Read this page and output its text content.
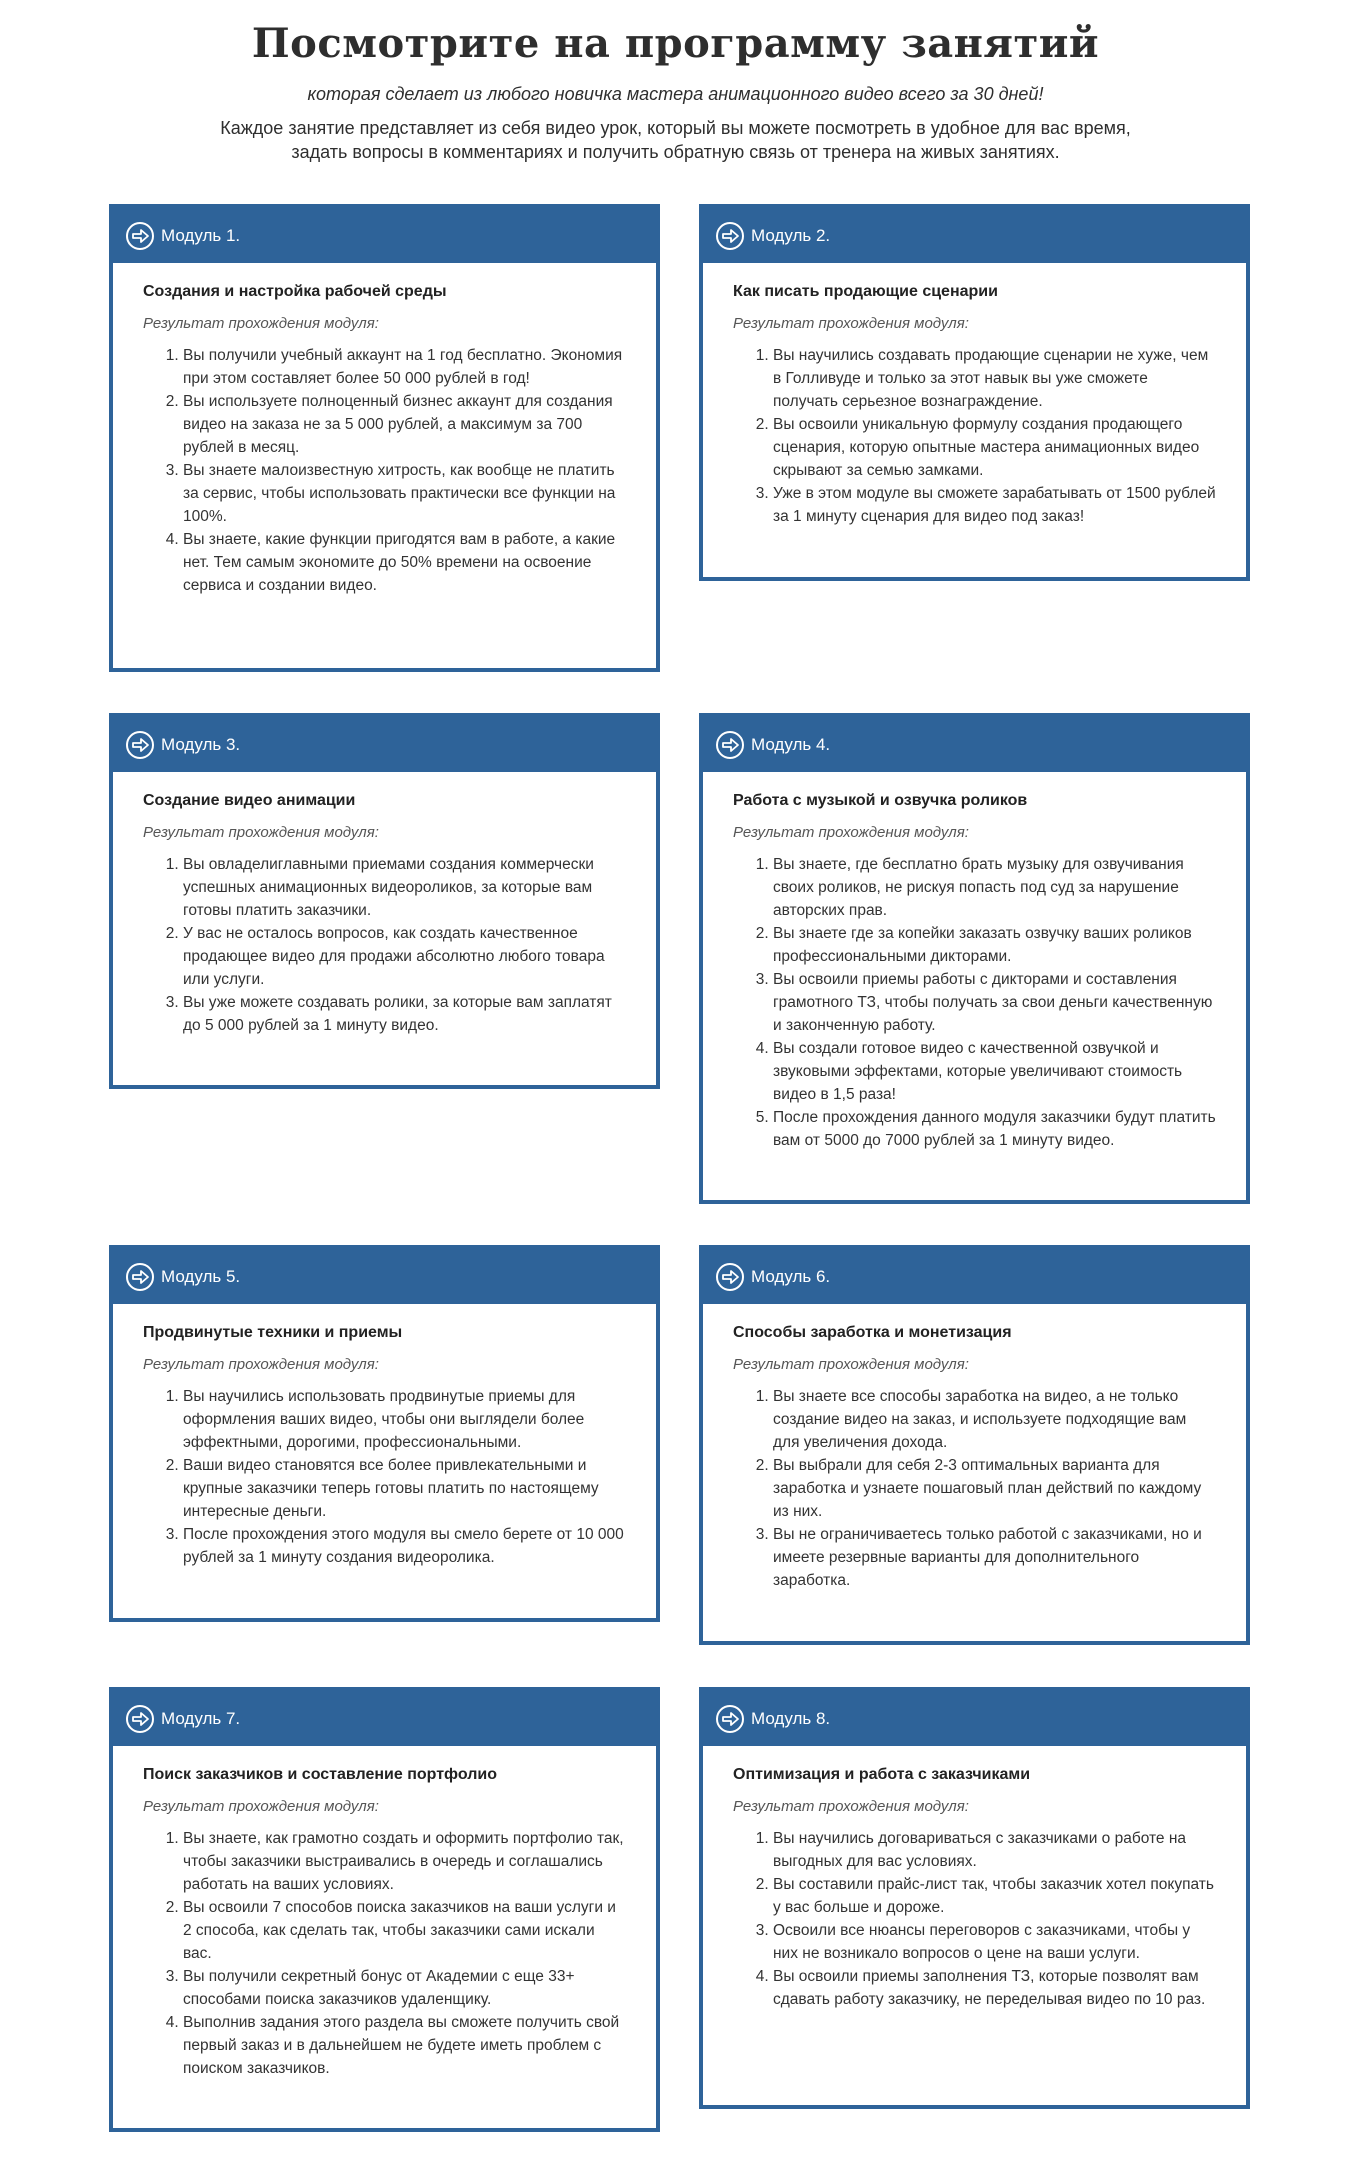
Посмотрите на программу занятий

которая сделает из любого новичка мастера анимационного видео всего за 30 дней!

Каждое занятие представляет из себя видео урок, который вы можете посмотреть в удобное для вас время,
задать вопросы в комментариях и получить обратную связь от тренера на живых занятиях.

Модуль 1.
Создания и настройка рабочей среды

Результат прохождения модуля:

1. Вы получили учебный аккаунт на 1 год бесплатно. Экономия при этом составляет более 50 000 рублей в год!
2. Вы используете полноценный бизнес аккаунт для создания видео на заказа не за 5 000 рублей, а максимум за 700 рублей в месяц.
3. Вы знаете малоизвестную хитрость, как вообще не платить за сервис, чтобы использовать практически все функции на 100%.
4. Вы знаете, какие функции пригодятся вам в работе, а какие нет. Тем самым экономите до 50% времени на освоение сервиса и создании видео.
Модуль 2.
Как писать продающие сценарии

Результат прохождения модуля:

1. Вы научились создавать продающие сценарии не хуже, чем в Голливуде и только за этот навык вы уже сможете получать серьезное вознаграждение.
2. Вы освоили уникальную формулу создания продающего сценария, которую опытные мастера анимационных видео скрывают за семью замками.
3. Уже в этом модуле вы сможете зарабатывать от 1500 рублей за 1 минуту сценария для видео под заказ!
Модуль 3.
Создание видео анимации

Результат прохождения модуля:

1. Вы овладелиглавными приемами создания коммерчески успешных анимационных видеороликов, за которые вам готовы платить заказчики.
2. У вас не осталось вопросов, как создать качественное продающее видео для продажи абсолютно любого товара или услуги.
3. Вы уже можете создавать ролики, за которые вам заплатят до 5 000 рублей за 1 минуту видео.
Модуль 4.
Работа с музыкой и озвучка роликов

Результат прохождения модуля:

1. Вы знаете, где бесплатно брать музыку для озвучивания своих роликов, не рискуя попасть под суд за нарушение авторских прав.
2. Вы знаете где за копейки заказать озвучку ваших роликов профессиональными дикторами.
3. Вы освоили приемы работы с дикторами и составления грамотного ТЗ, чтобы получать за свои деньги качественную и законченную работу.
4. Вы создали готовое видео с качественной озвучкой и звуковыми эффектами, которые увеличивают стоимость видео в 1,5 раза!
5. После прохождения данного модуля заказчики будут платить вам от 5000 до 7000 рублей за 1 минуту видео.
Модуль 5.
Продвинутые техники и приемы

Результат прохождения модуля:

1. Вы научились использовать продвинутые приемы для оформления ваших видео, чтобы они выглядели более эффектными, дорогими, профессиональными.
2. Ваши видео становятся все более привлекательными и крупные заказчики теперь готовы платить по настоящему интересные деньги.
3. После прохождения этого модуля вы смело берете от 10 000 рублей за 1 минуту создания видеоролика.
Модуль 6.
Способы заработка и монетизация

Результат прохождения модуля:

1. Вы знаете все способы заработка на видео, а не только создание видео на заказ, и используете подходящие вам для увеличения дохода.
2. Вы выбрали для себя 2-3 оптимальных варианта для заработка и узнаете пошаговый план действий по каждому из них.
3. Вы не ограничиваетесь только работой с заказчиками, но и имеете резервные варианты для дополнительного заработка.
Модуль 7.
Поиск заказчиков и составление портфолио

Результат прохождения модуля:

1. Вы знаете, как грамотно создать и оформить портфолио так, чтобы заказчики выстраивались в очередь и соглашались работать на ваших условиях.
2. Вы освоили 7 способов поиска заказчиков на ваши услуги и 2 способа, как сделать так, чтобы заказчики сами искали вас.
3. Вы получили секретный бонус от Академии с еще 33+ способами поиска заказчиков удаленщику.
4. Выполнив задания этого раздела вы сможете получить свой первый заказ и в дальнейшем не будете иметь проблем с поиском заказчиков.
Модуль 8.
Оптимизация и работа с заказчиками

Результат прохождения модуля:

1. Вы научились договариваться с заказчиками о работе на выгодных для вас условиях.
2. Вы составили прайс-лист так, чтобы заказчик хотел покупать у вас больше и дороже.
3. Освоили все нюансы переговоров с заказчиками, чтобы у них не возникало вопросов о цене на ваши услуги.
4. Вы освоили приемы заполнения ТЗ, которые позволят вам сдавать работу заказчику, не переделывая видео по 10 раз.
